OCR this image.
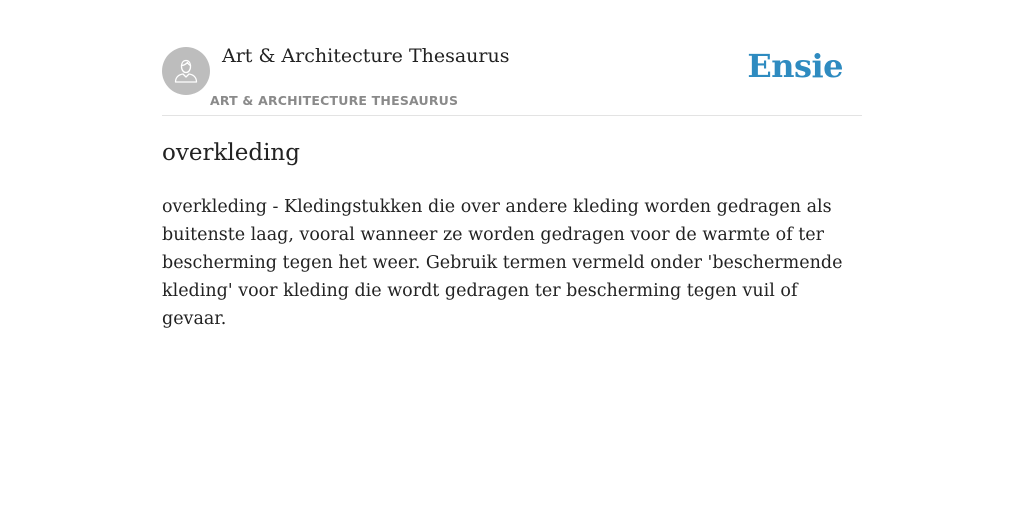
Art & Architecture Thesaurus
ART & ARCHITECTURE THESAURUS
Ensie
overkleding

overkleding - Kledingstukken die over andere kleding worden gedragen als buitenste laag, vooral wanneer ze worden gedragen voor de warmte of ter bescherming tegen het weer. Gebruik termen vermeld onder 'beschermende kleding' voor kleding die wordt gedragen ter bescherming tegen vuil of gevaar.
